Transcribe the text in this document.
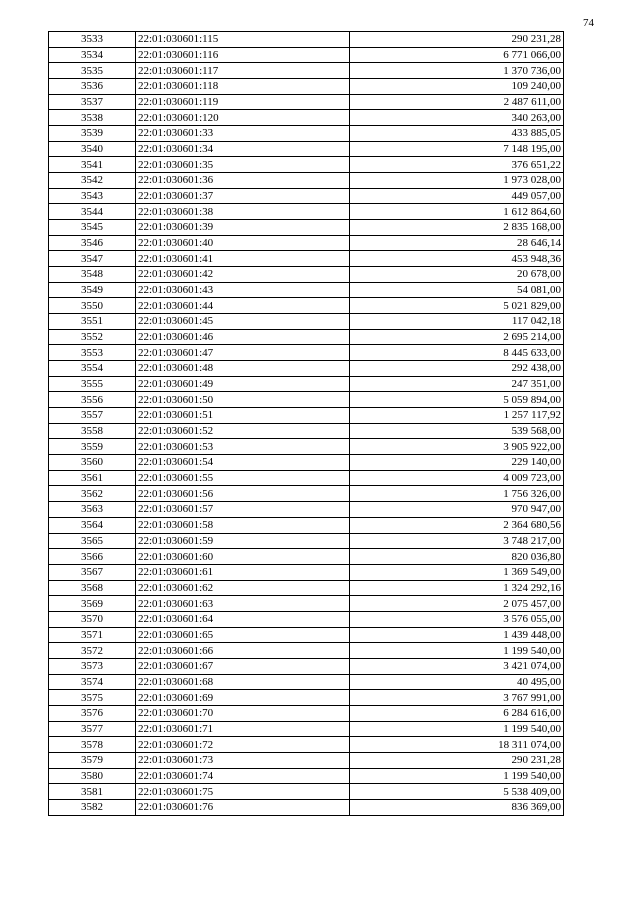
74
3533	22:01:030601:115	290 231,28
3534	22:01:030601:116	6 771 066,00
3535	22:01:030601:117	1 370 736,00
3536	22:01:030601:118	109 240,00
3537	22:01:030601:119	2 487 611,00
3538	22:01:030601:120	340 263,00
3539	22:01:030601:33	433 885,05
3540	22:01:030601:34	7 148 195,00
3541	22:01:030601:35	376 651,22
3542	22:01:030601:36	1 973 028,00
3543	22:01:030601:37	449 057,00
3544	22:01:030601:38	1 612 864,60
3545	22:01:030601:39	2 835 168,00
3546	22:01:030601:40	28 646,14
3547	22:01:030601:41	453 948,36
3548	22:01:030601:42	20 678,00
3549	22:01:030601:43	54 081,00
3550	22:01:030601:44	5 021 829,00
3551	22:01:030601:45	117 042,18
3552	22:01:030601:46	2 695 214,00
3553	22:01:030601:47	8 445 633,00
3554	22:01:030601:48	292 438,00
3555	22:01:030601:49	247 351,00
3556	22:01:030601:50	5 059 894,00
3557	22:01:030601:51	1 257 117,92
3558	22:01:030601:52	539 568,00
3559	22:01:030601:53	3 905 922,00
3560	22:01:030601:54	229 140,00
3561	22:01:030601:55	4 009 723,00
3562	22:01:030601:56	1 756 326,00
3563	22:01:030601:57	970 947,00
3564	22:01:030601:58	2 364 680,56
3565	22:01:030601:59	3 748 217,00
3566	22:01:030601:60	820 036,80
3567	22:01:030601:61	1 369 549,00
3568	22:01:030601:62	1 324 292,16
3569	22:01:030601:63	2 075 457,00
3570	22:01:030601:64	3 576 055,00
3571	22:01:030601:65	1 439 448,00
3572	22:01:030601:66	1 199 540,00
3573	22:01:030601:67	3 421 074,00
3574	22:01:030601:68	40 495,00
3575	22:01:030601:69	3 767 991,00
3576	22:01:030601:70	6 284 616,00
3577	22:01:030601:71	1 199 540,00
3578	22:01:030601:72	18 311 074,00
3579	22:01:030601:73	290 231,28
3580	22:01:030601:74	1 199 540,00
3581	22:01:030601:75	5 538 409,00
3582	22:01:030601:76	836 369,00
